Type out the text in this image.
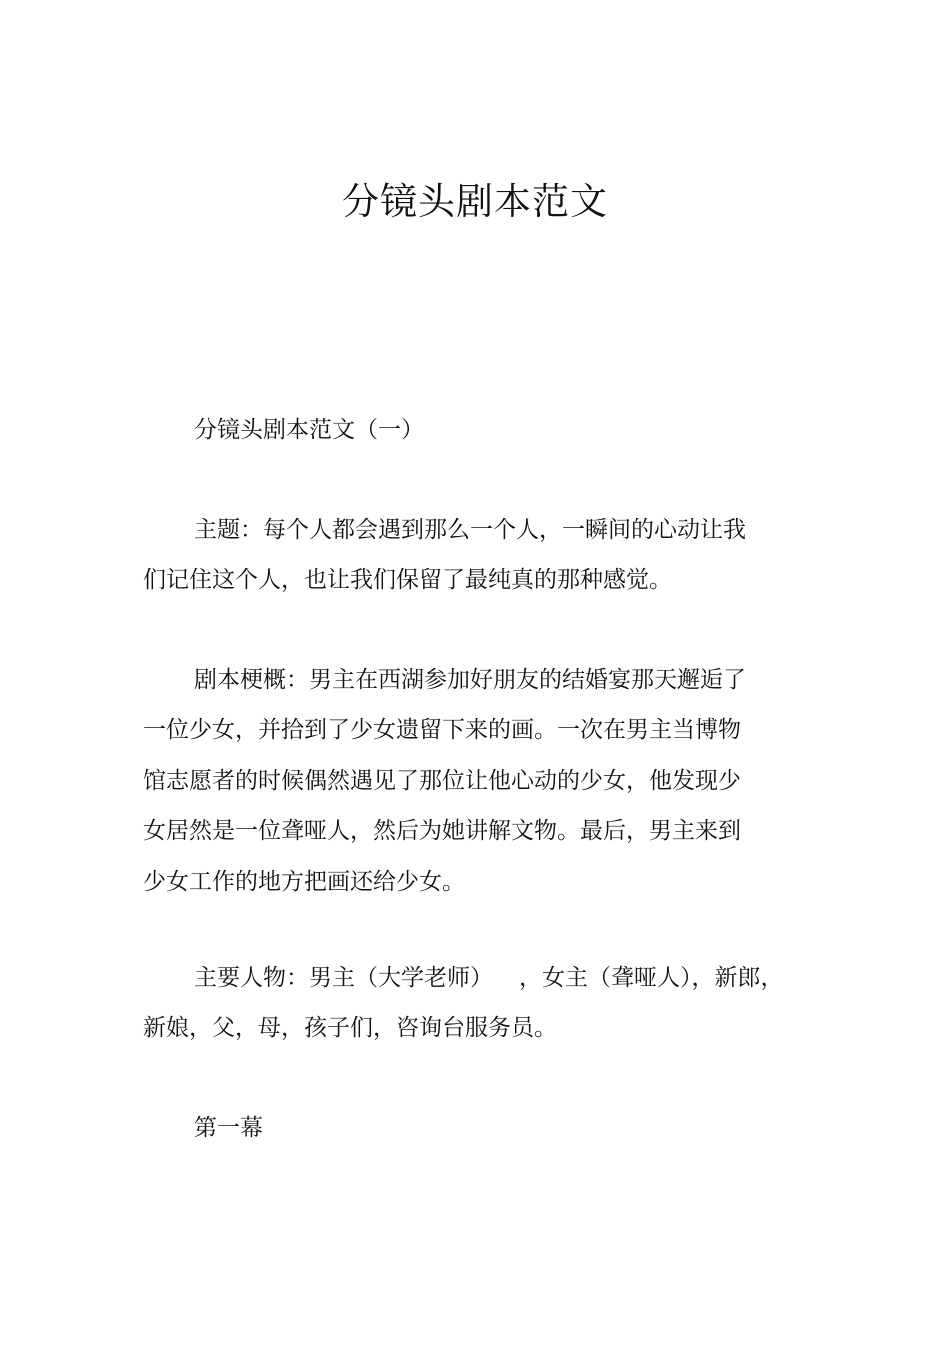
分镜头剧本范文

分镜头剧本范文（一）

主题：每个人都会遇到那么一个人，一瞬间的心动让我
们记住这个人，也让我们保留了最纯真的那种感觉。

剧本梗概：男主在西湖参加好朋友的结婚宴那天邂逅了
一位少女，并拾到了少女遗留下来的画。一次在男主当博物
馆志愿者的时候偶然遇见了那位让他心动的少女，他发现少
女居然是一位聋哑人，然后为她讲解文物。最后，男主来到
少女工作的地方把画还给少女。

主要人物：男主（大学老师） ，女主（聋哑人），新郎，
新娘，父，母，孩子们，咨询台服务员。

第一幕
